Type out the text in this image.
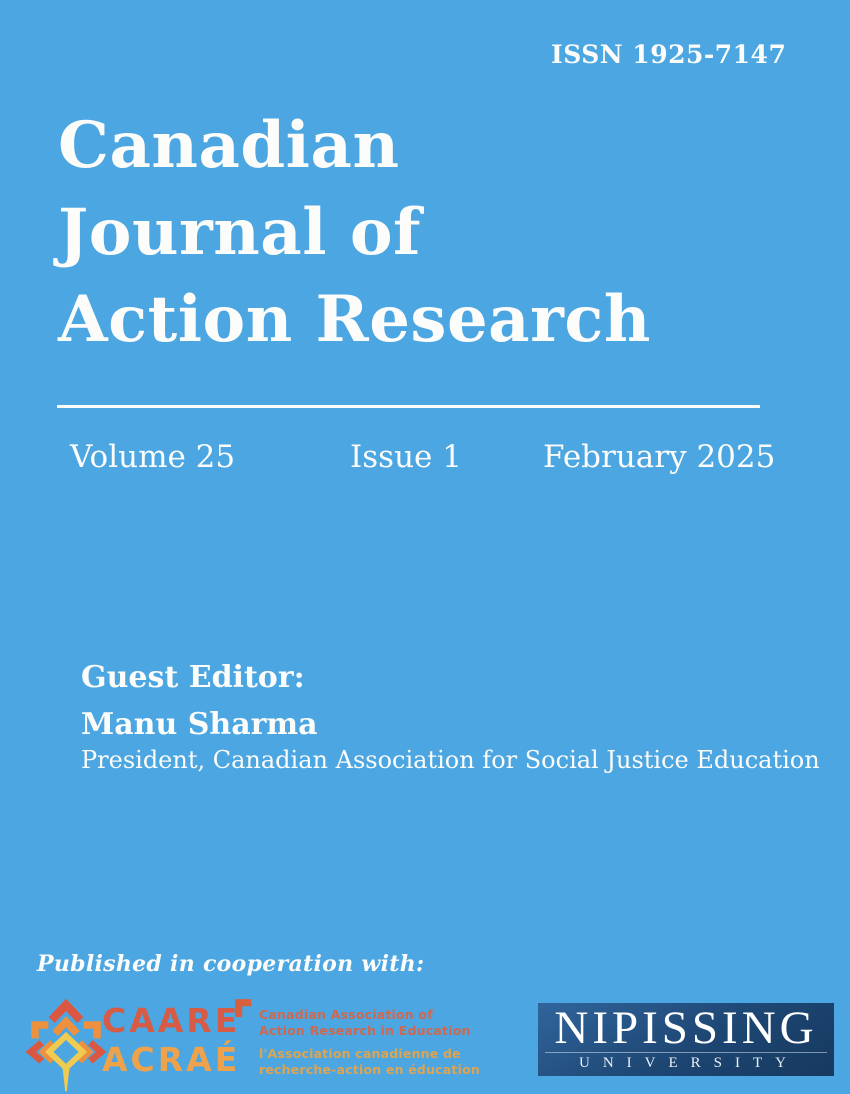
ISSN 1925-7147
Canadian
Journal of
Action Research
Volume 25	Issue 1	February 2025
Guest Editor:
Manu Sharma
President, Canadian Association for Social Justice Education
Published in cooperation with:
CAARE
ACRAÉ
Canadian Association of
Action Research in Education
l'Association canadienne de
recherche-action en éducation
NIPISSING
UNIVERSITY
